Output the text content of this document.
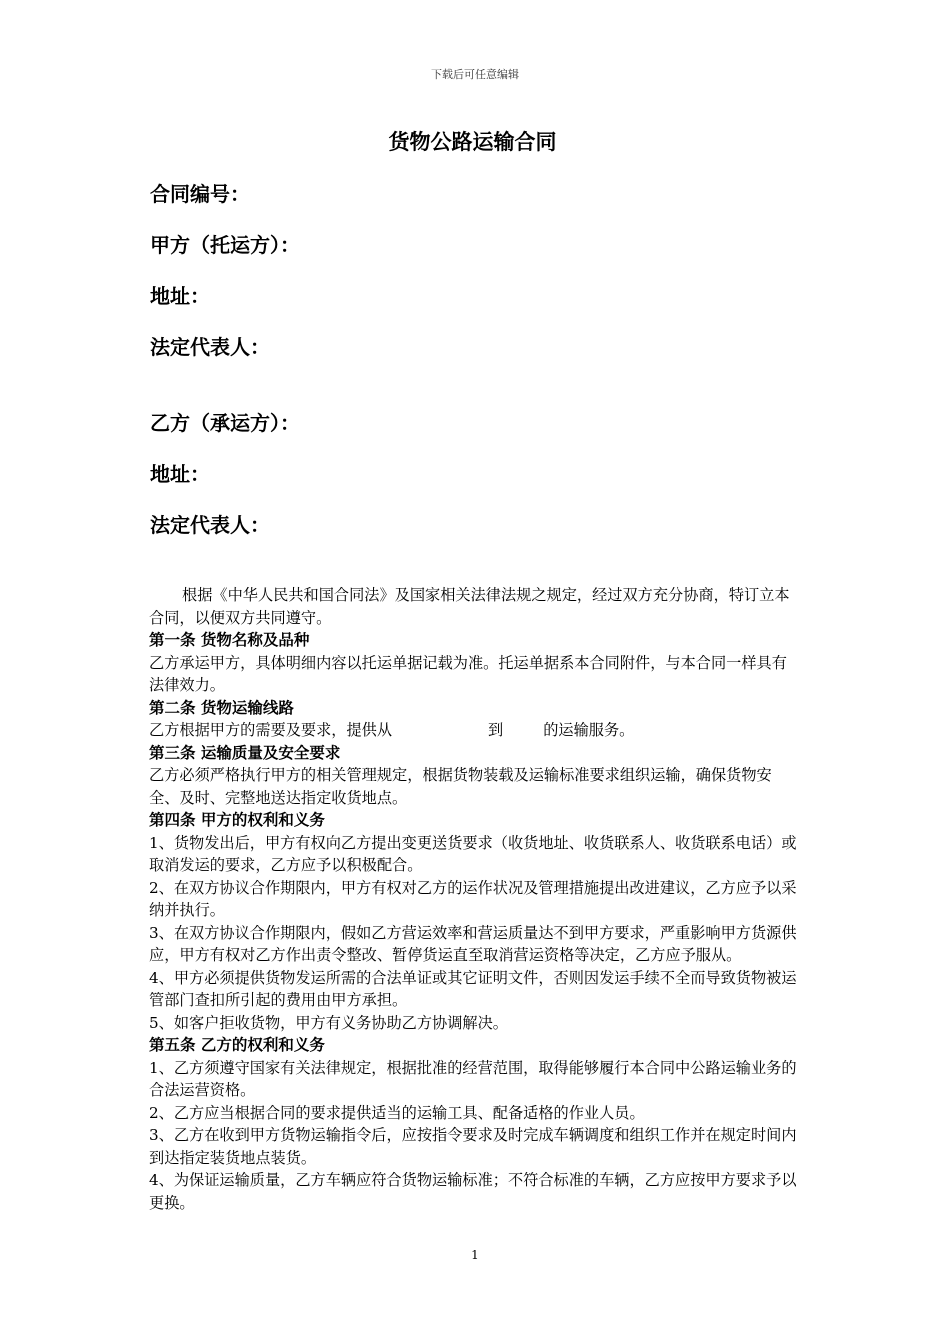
下载后可任意编辑
货物公路运输合同
合同编号：
甲方（托运方）：
地址：
法定代表人：
乙方（承运方）：
地址：
法定代表人：

根据《中华人民共和国合同法》及国家相关法律法规之规定，经过双方充分协商，特订立本合同，以便双方共同遵守。

第一条 货物名称及品种

乙方承运甲方，具体明细内容以托运单据记载为准。托运单据系本合同附件，与本合同一样具有法律效力。

第二条 货物运输线路

乙方根据甲方的需要及要求，提供从	到	的运输服务。

第三条 运输质量及安全要求

乙方必须严格执行甲方的相关管理规定，根据货物装载及运输标准要求组织运输，确保货物安全、及时、完整地送达指定收货地点。

第四条 甲方的权利和义务

1、货物发出后，甲方有权向乙方提出变更送货要求（收货地址、收货联系人、收货联系电话）或取消发运的要求，乙方应予以积极配合。

2、在双方协议合作期限内，甲方有权对乙方的运作状况及管理措施提出改进建议，乙方应予以采纳并执行。

3、在双方协议合作期限内，假如乙方营运效率和营运质量达不到甲方要求，严重影响甲方货源供应，甲方有权对乙方作出责令整改、暂停货运直至取消营运资格等决定，乙方应予服从。

4、甲方必须提供货物发运所需的合法单证或其它证明文件，否则因发运手续不全而导致货物被运管部门查扣所引起的费用由甲方承担。

5、如客户拒收货物，甲方有义务协助乙方协调解决。

第五条 乙方的权利和义务

1、乙方须遵守国家有关法律规定，根据批准的经营范围，取得能够履行本合同中公路运输业务的合法运营资格。

2、乙方应当根据合同的要求提供适当的运输工具、配备适格的作业人员。

3、乙方在收到甲方货物运输指令后，应按指令要求及时完成车辆调度和组织工作并在规定时间内到达指定装货地点装货。

4、为保证运输质量，乙方车辆应符合货物运输标准；不符合标准的车辆，乙方应按甲方要求予以更换。

1
